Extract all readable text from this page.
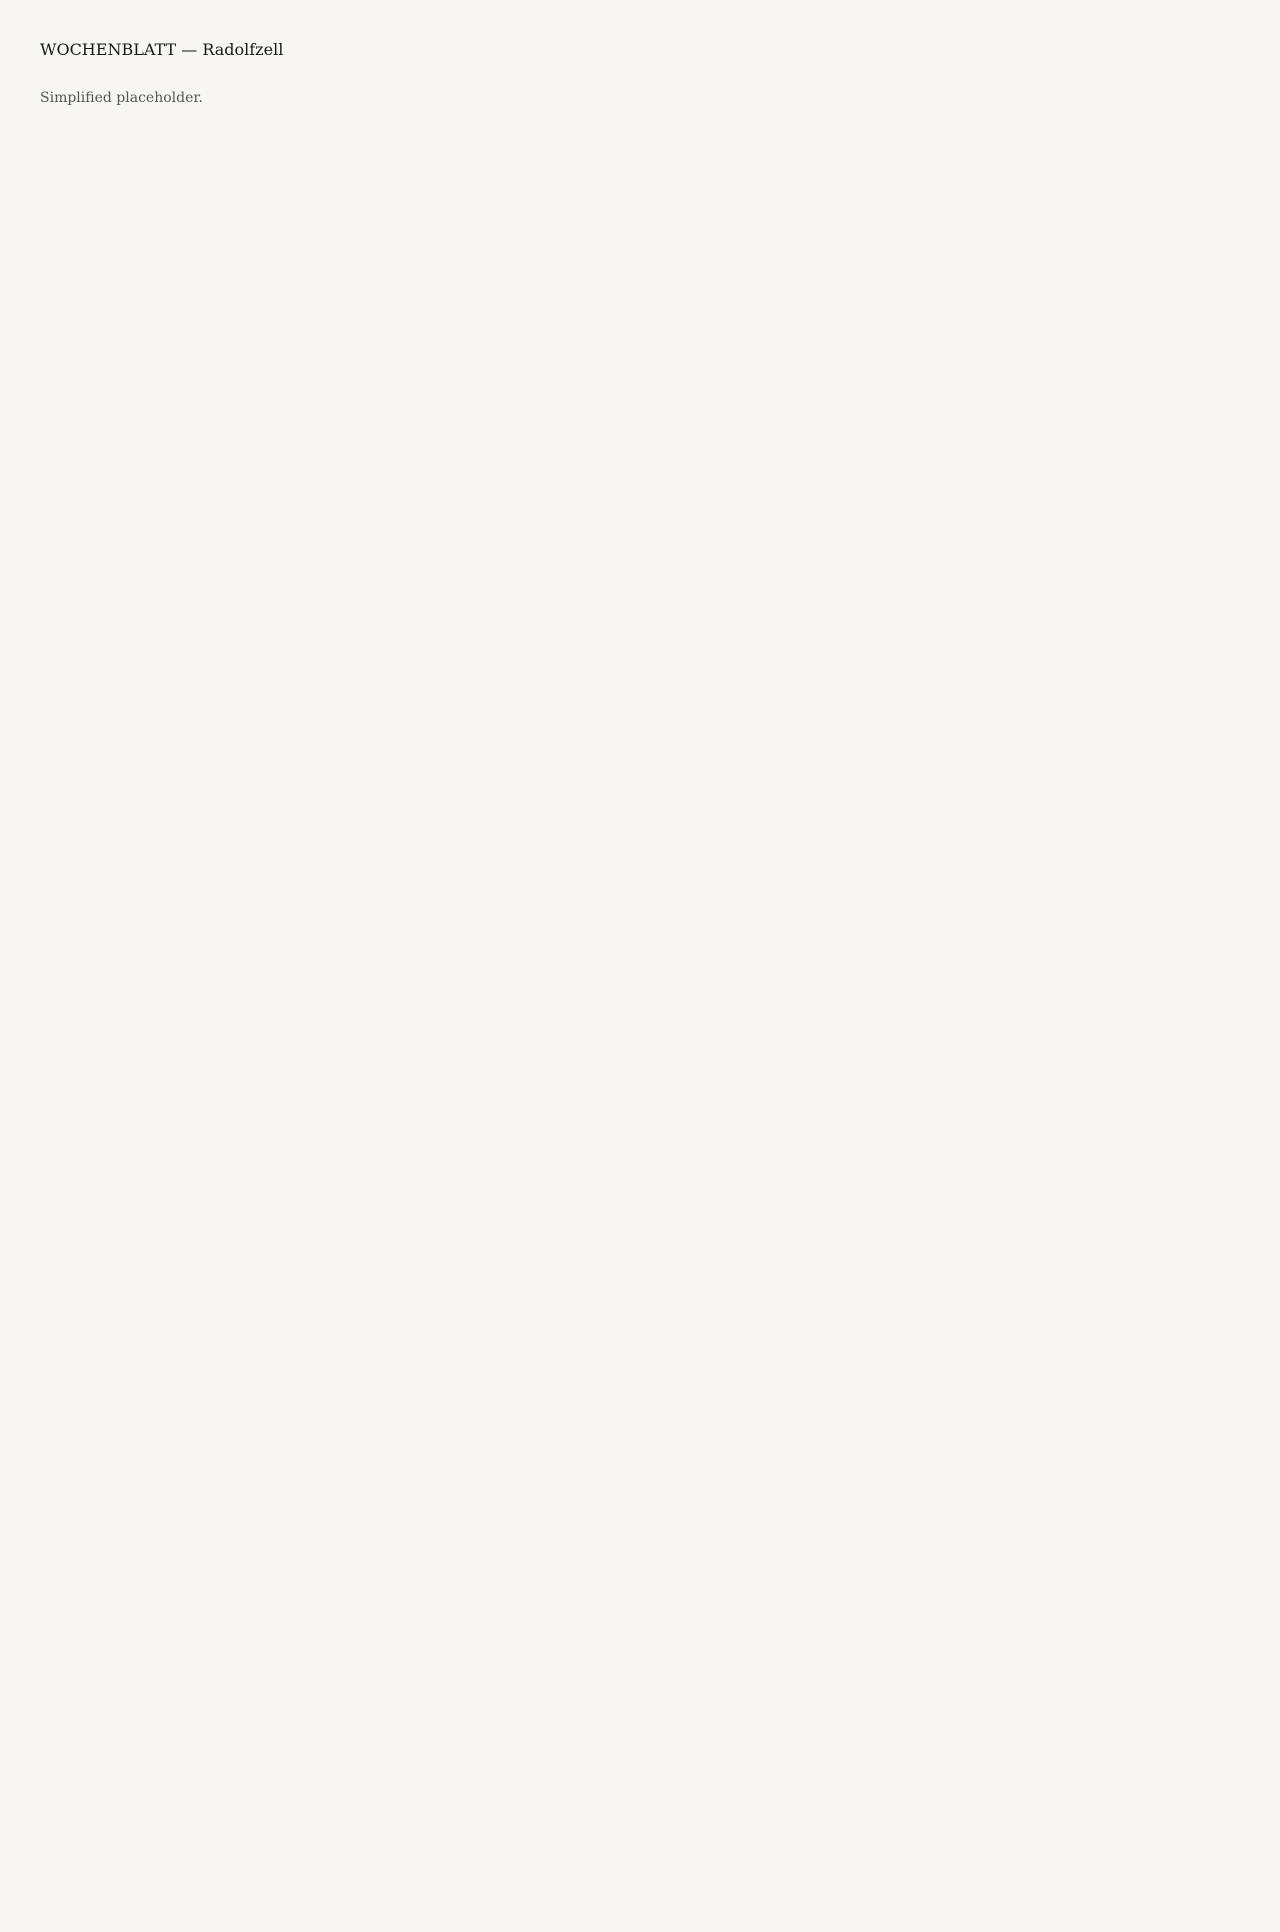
WOCHENBLATT — Radolfzell
Simplified placeholder.
